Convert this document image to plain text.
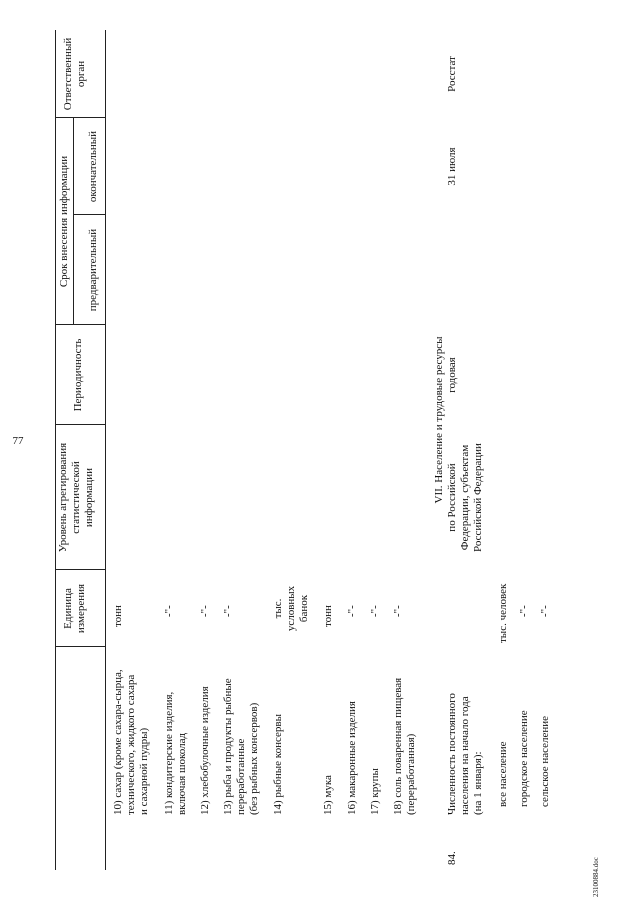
77
Единица измерения
Уровень агрегирования статистической информации
Периодичность
Срок внесения информации предварительный
окончательный
Ответственный орган
10) сахар (кроме сахара-сырца, технического, жидкого сахара и сахарной пудры)
тонн
11) кондитерские изделия, включая шоколад
-"-
12) хлебобулочные изделия
-"-
13) рыба и продукты рыбные переработанные (без рыбных консервов)
-"-
14) рыбные консервы
тыс. условных банок
15) мука
тонн
16) макаронные изделия
-"-
17) крупы
-"-
18) соль поваренная пищевая (переработанная)
-"-
VII. Население и трудовые ресурсы
84.
Численность постоянного населения на начало года (на 1 января):
по Российской Федерации, субъектам Российской Федерации
годовая
31 июля
Росстат
все население
тыс. человек
городское население
-"-
сельское население
-"-
23100884.doc
